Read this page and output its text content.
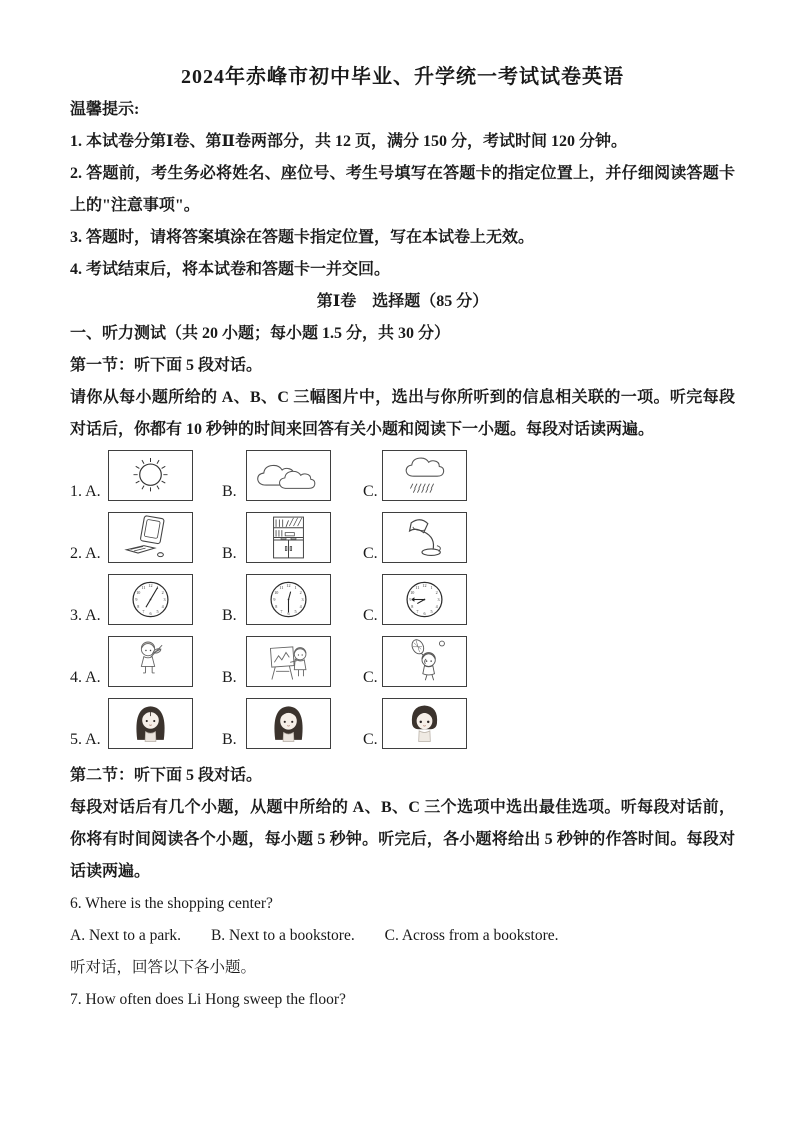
2024年赤峰市初中毕业、升学统一考试试卷英语

温馨提示:

1. 本试卷分第Ⅰ卷、第Ⅱ卷两部分，共 12 页，满分 150 分，考试时间 120 分钟。

2. 答题前，考生务必将姓名、座位号、考生号填写在答题卡的指定位置上，并仔细阅读答题卡上的"注意事项"。

3. 答题时，请将答案填涂在答题卡指定位置，写在本试卷上无效。

4. 考试结束后，将本试卷和答题卡一并交回。

第Ⅰ卷　选择题（85 分）

一、听力测试（共 20 小题；每小题 1.5 分，共 30 分）

第一节：听下面 5 段对话。

请你从每小题所给的 A、B、C 三幅图片中，选出与你所听到的信息相关联的一项。听完每段对话后，你都有 10 秒钟的时间来回答有关小题和阅读下一小题。每段对话读两遍。

1. A.	B.	C.
2. A.	B.	C.
3. A.	B.	C.
4. A.	B.	C.
5. A.	B.	C.

第二节：听下面 5 段对话。

每段对话后有几个小题，从题中所给的 A、B、C 三个选项中选出最佳选项。听每段对话前，你将有时间阅读各个小题，每小题 5 秒钟。听完后，各小题将给出 5 秒钟的作答时间。每段对话读两遍。

6. Where is the shopping center?

A. Next to a park. B. Next to a bookstore. C. Across from a bookstore.

听对话，回答以下各小题。

7. How often does Li Hong sweep the floor?
